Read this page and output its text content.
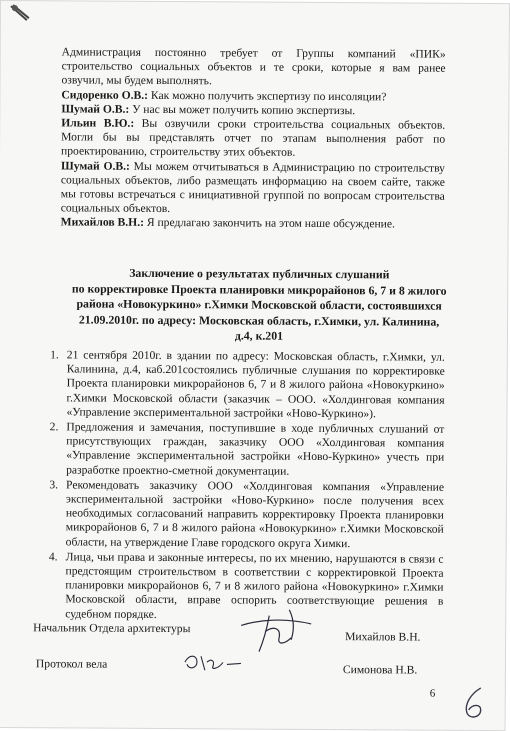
Администрация постоянно требует от Группы компаний «ПИК» строительство социальных объектов и те сроки, которые я вам ранее озвучил, мы будем выполнять.

Сидоренко О.В.: Как можно получить экспертизу по инсоляции?

Шумай О.В.: У нас вы может получить копию экспертизы.

Ильин В.Ю.: Вы озвучили сроки строительства социальных объектов. Могли бы вы представлять отчет по этапам выполнения работ по проектированию, строительству этих объектов.

Шумай О.В.: Мы можем отчитываться в Администрацию по строительству социальных объектов, либо размещать информацию на своем сайте, также мы готовы встречаться с инициативной группой по вопросам строительства социальных объектов.

Михайлов В.Н.: Я предлагаю закончить на этом наше обсуждение.

Заключение о результатах публичных слушаний
по корректировке Проекта планировки микрорайонов 6, 7 и 8 жилого
района «Новокуркино» г.Химки Московской области, состоявшихся
21.09.2010г. по адресу: Московская область, г.Химки, ул. Калинина,
д.4, к.201
1. 21 сентября 2010г. в здании по адресу: Московская область, г.Химки, ул. Калинина, д.4, каб.201состоялись публичные слушания по корректировке Проекта планировки микрорайонов 6, 7 и 8 жилого района «Новокуркино» г.Химки Московской области (заказчик – ООО. «Холдинговая компания «Управление экспериментальной застройки «Ново-Куркино»).
2. Предложения и замечания, поступившие в ходе публичных слушаний от присутствующих граждан, заказчику ООО «Холдинговая компания «Управление экспериментальной застройки «Ново-Куркино» учесть при разработке проектно-сметной документации.
3. Рекомендовать заказчику ООО «Холдинговая компания «Управление экспериментальной застройки «Ново-Куркино» после получения всех необходимых согласований направить корректировку Проекта планировки микрорайонов 6, 7 и 8 жилого района «Новокуркино» г.Химки Московской области, на утверждение Главе городского округа Химки.
4. Лица, чьи права и законные интересы, по их мнению, нарушаются в связи с предстоящим строительством в соответствии с корректировкой Проекта планировки микрорайонов 6, 7 и 8 жилого района «Новокуркино» г.Химки Московской области, вправе оспорить соответствующие решения в судебном порядке.
Начальник Отдела архитектуры
Михайлов В.Н.
Протокол вела	Симонова Н.В.
6
